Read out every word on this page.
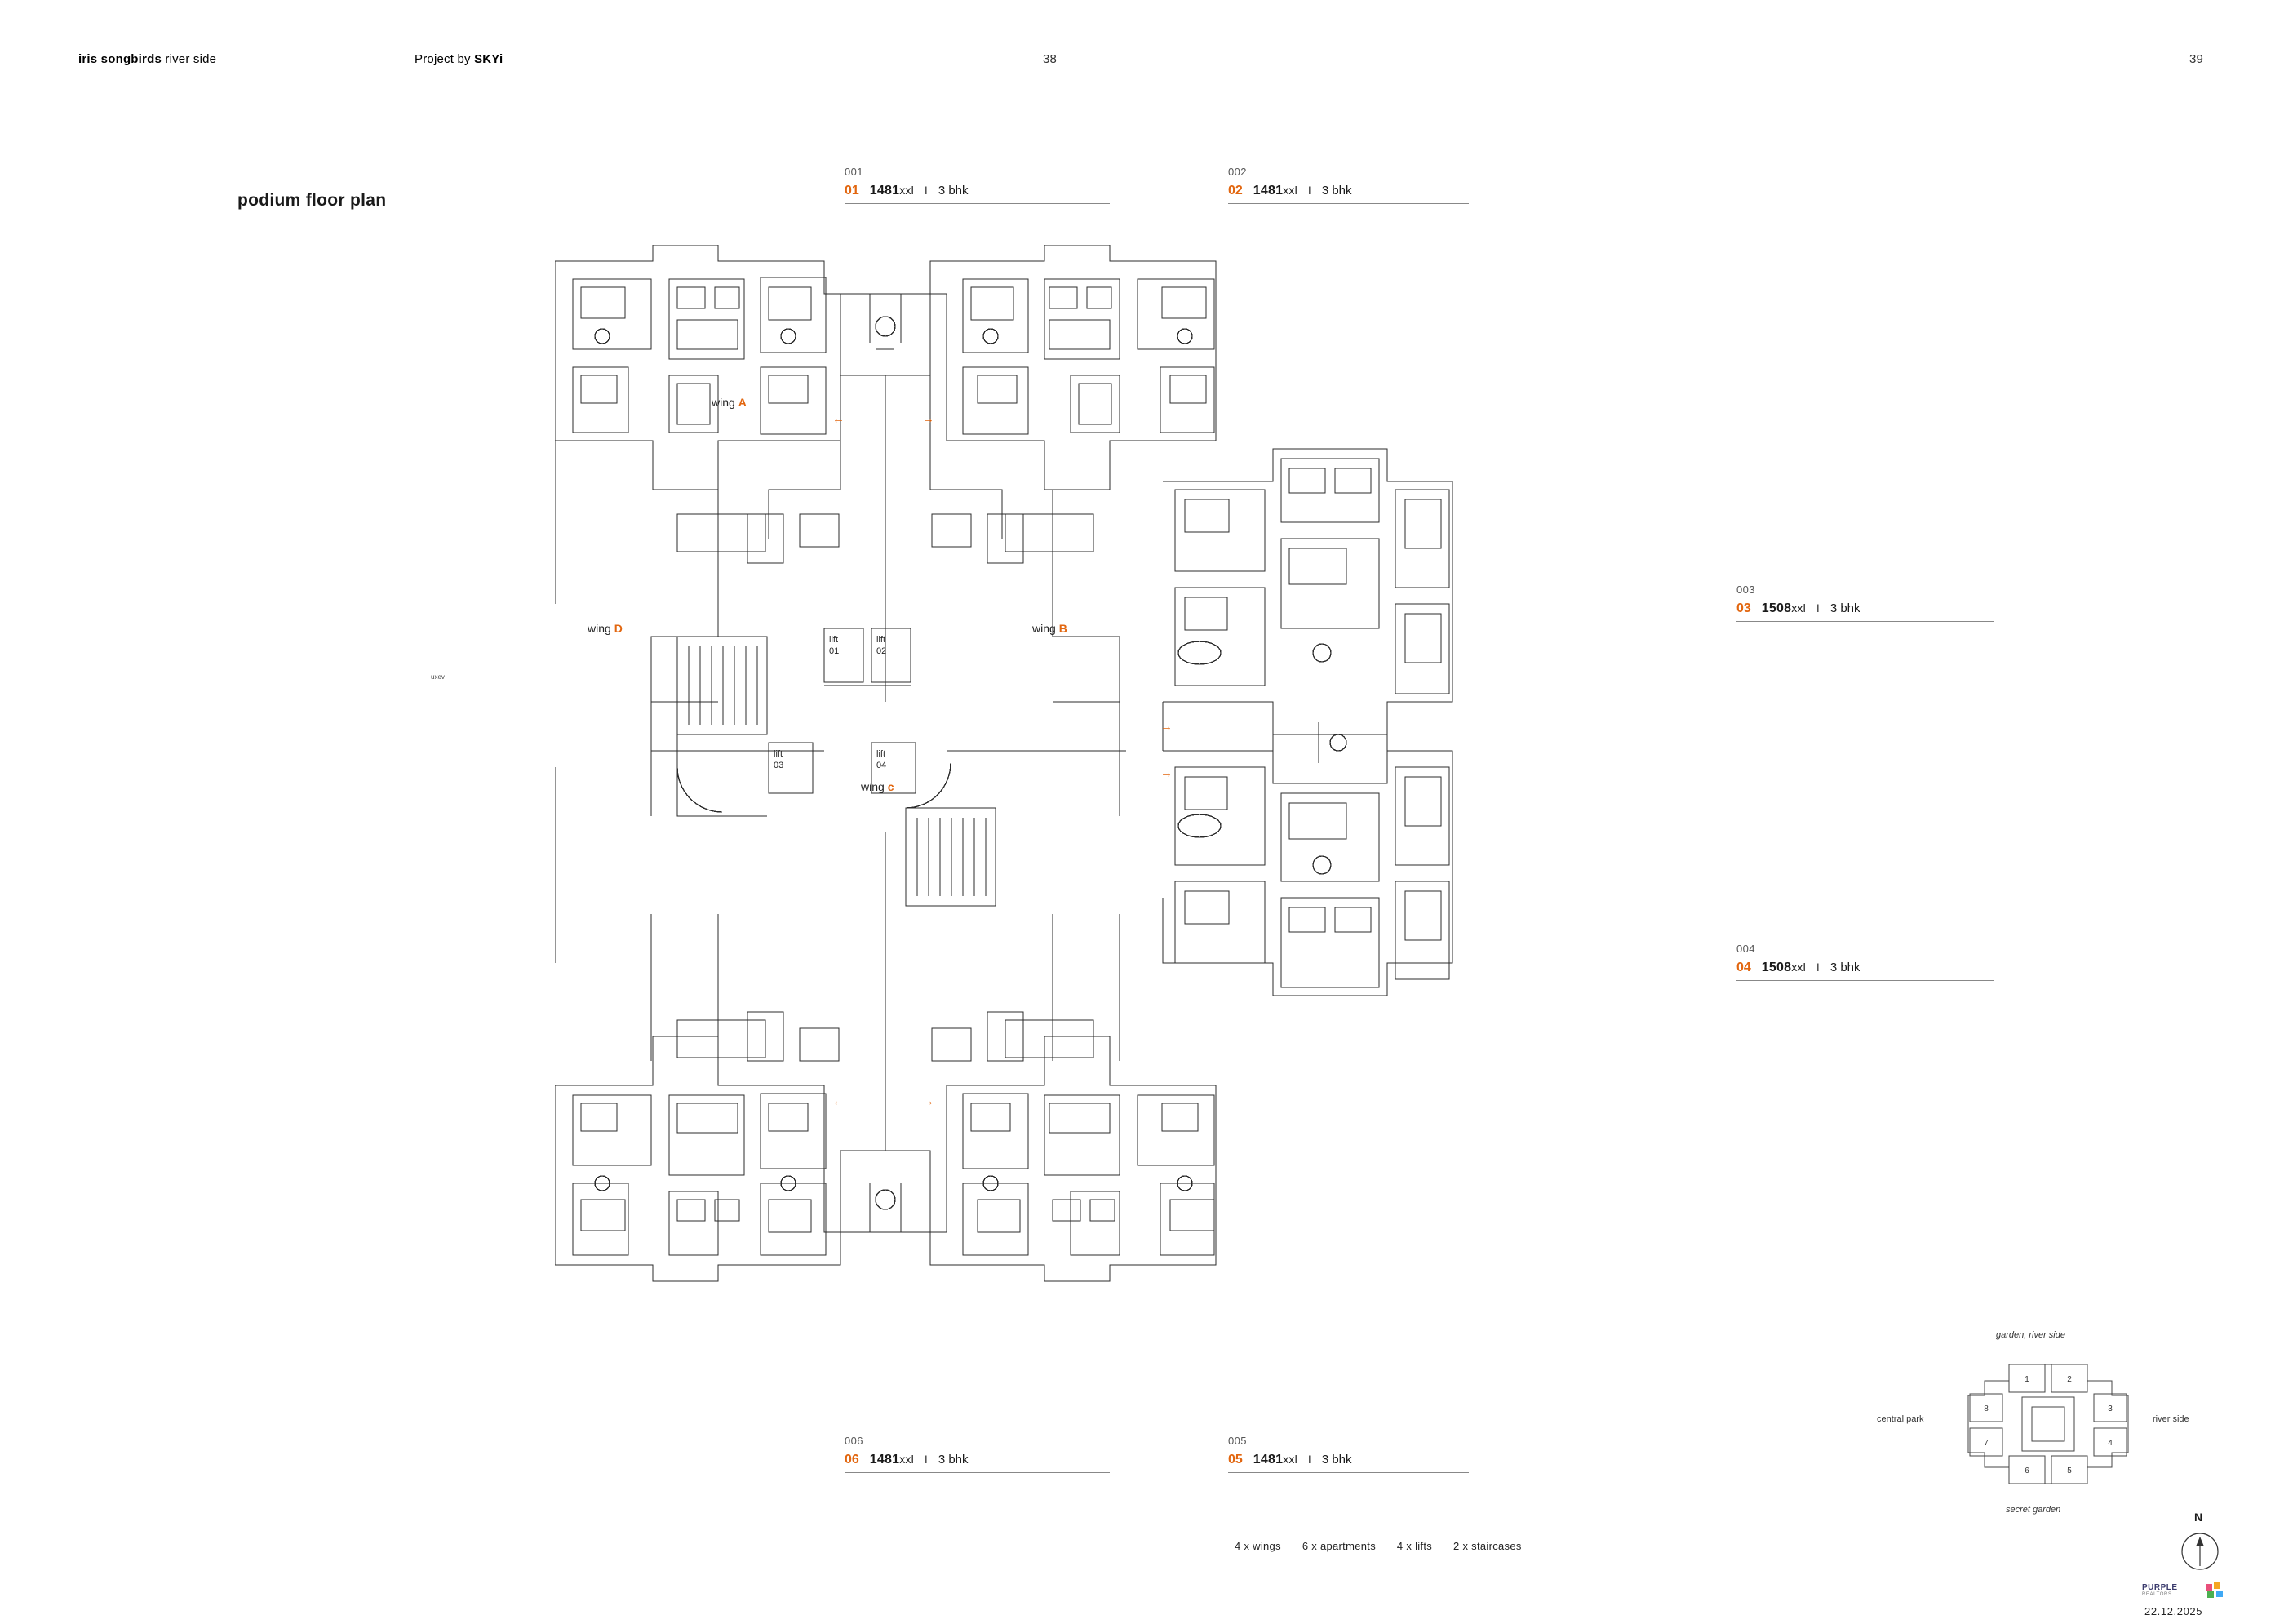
iris songbirds river side	Project by SKYi	38	39
podium floor plan
001
01 1481xxl I 3 bhk
002
02 1481xxl I 3 bhk
003
03 1508xxl I 3 bhk
004
04 1508xxl I 3 bhk
006
06 1481xxl I 3 bhk
005
05 1481xxl I 3 bhk
wing A
wing B
wing c
wing D
lift
01
lift
02
lift
03
lift
04
uxev
←	→
←	→
→
→
4 x wings 6 x apartments 4 x lifts 2 x staircases
1	2
3
4
5
6
7
8
garden, river side
secret garden
central park	river side
N
PURPLE
REALTORS
22.12.2025
